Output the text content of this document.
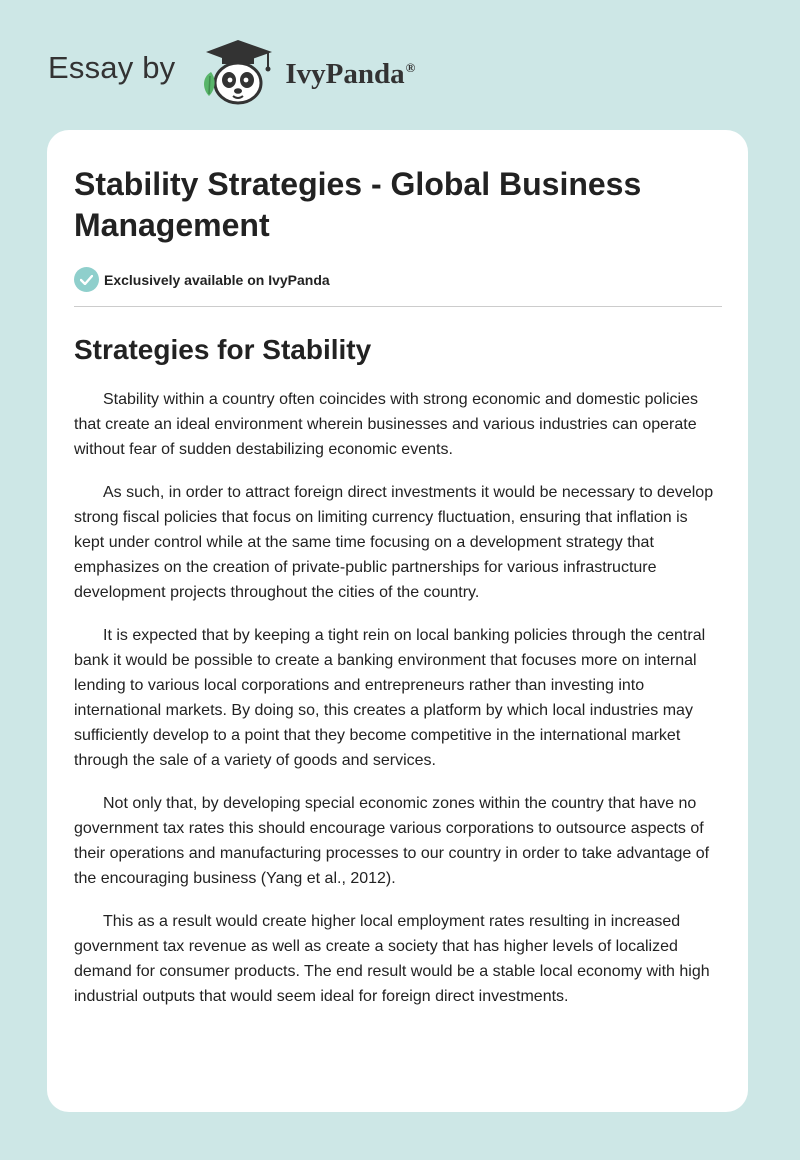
Essay by	IvyPanda®
Stability Strategies - Global Business Management
Exclusively available on IvyPanda
Strategies for Stability

Stability within a country often coincides with strong economic and domestic policies that create an ideal environment wherein businesses and various industries can operate without fear of sudden destabilizing economic events.

As such, in order to attract foreign direct investments it would be necessary to develop strong fiscal policies that focus on limiting currency fluctuation, ensuring that inflation is kept under control while at the same time focusing on a development strategy that emphasizes on the creation of private-public partnerships for various infrastructure development projects throughout the cities of the country.

It is expected that by keeping a tight rein on local banking policies through the central bank it would be possible to create a banking environment that focuses more on internal lending to various local corporations and entrepreneurs rather than investing into international markets. By doing so, this creates a platform by which local industries may sufficiently develop to a point that they become competitive in the international market through the sale of a variety of goods and services.

Not only that, by developing special economic zones within the country that have no government tax rates this should encourage various corporations to outsource aspects of their operations and manufacturing processes to our country in order to take advantage of the encouraging business (Yang et al., 2012).

This as a result would create higher local employment rates resulting in increased government tax revenue as well as create a society that has higher levels of localized demand for consumer products. The end result would be a stable local economy with high industrial outputs that would seem ideal for foreign direct investments.
